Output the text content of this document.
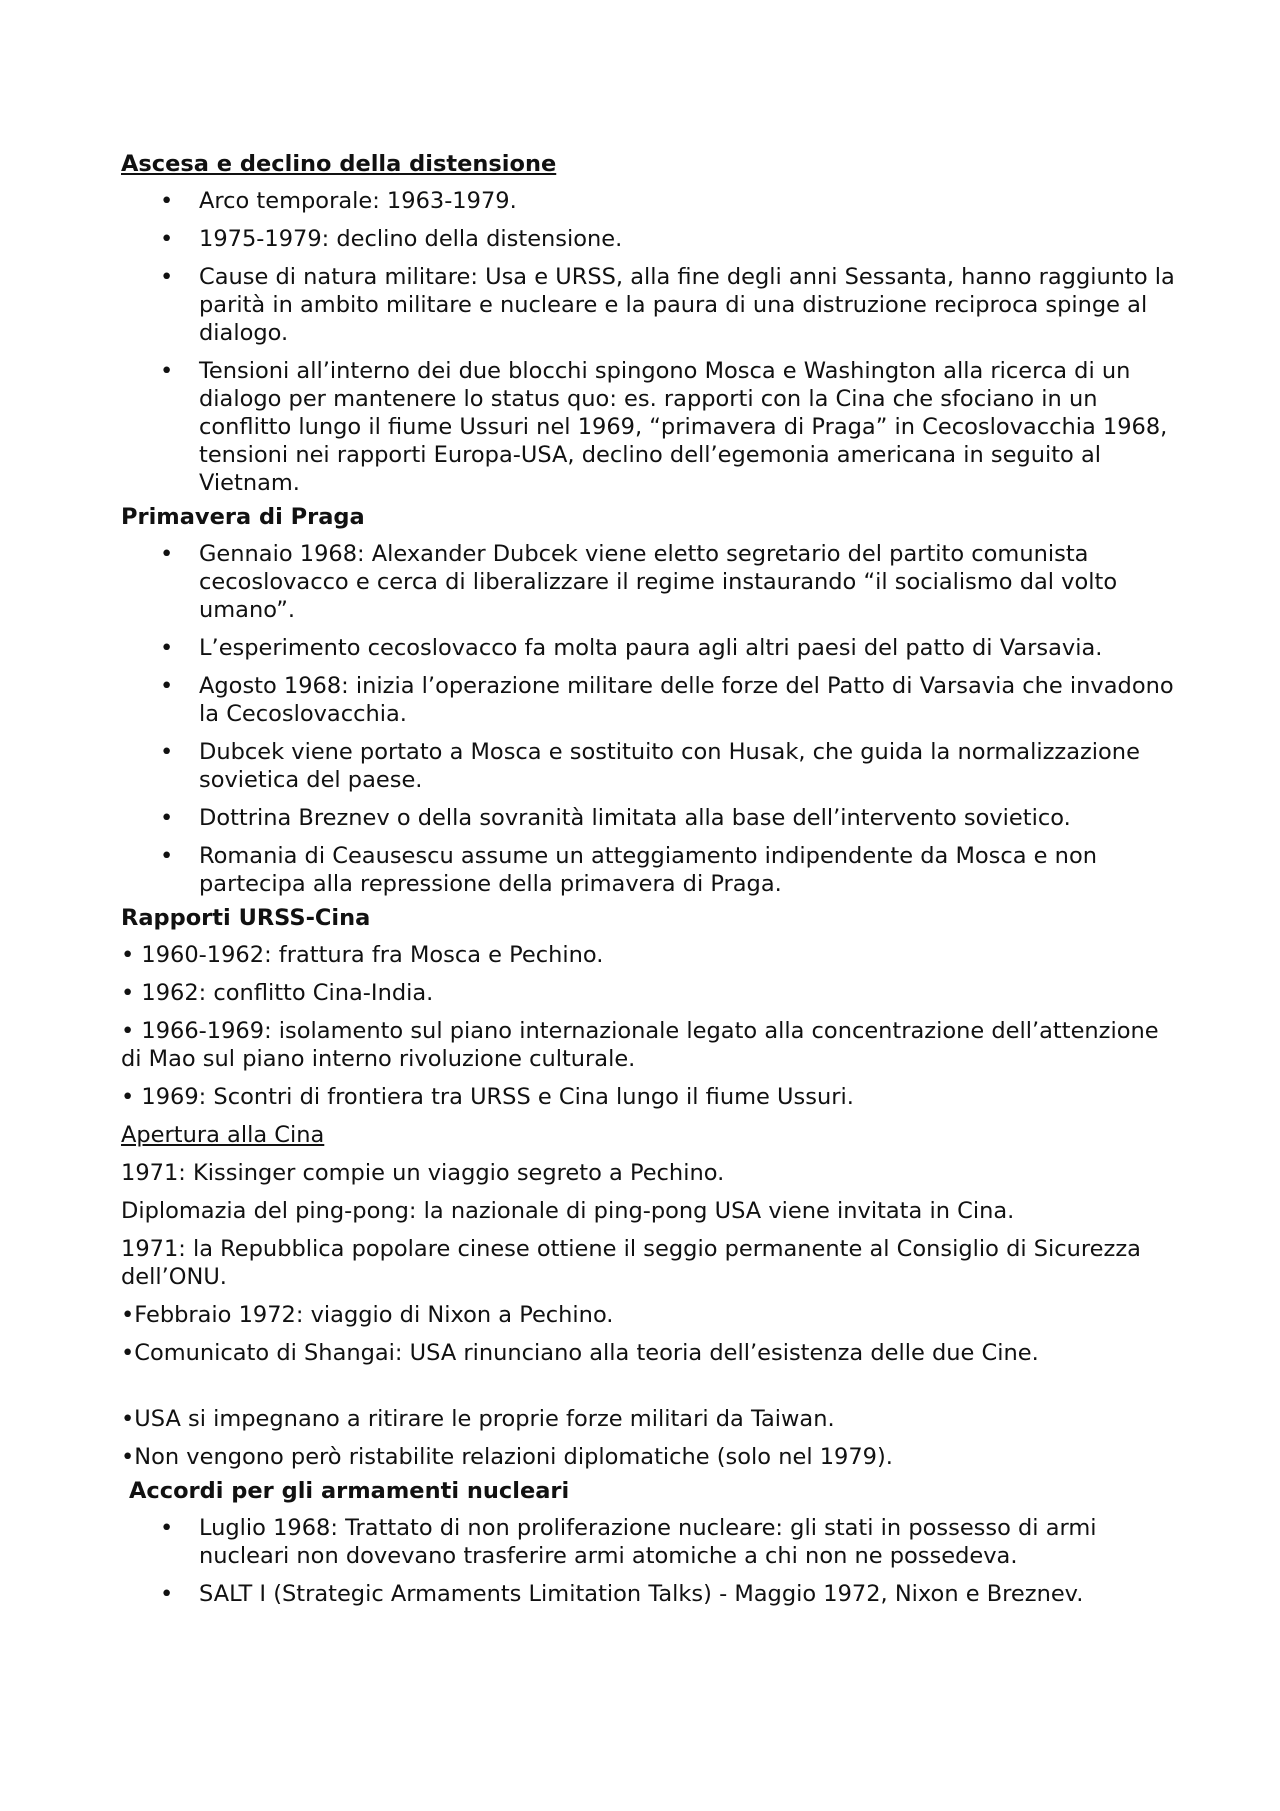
Ascesa e declino della distensione
• Arco temporale: 1963-1979.
• 1975-1979: declino della distensione.
• Cause di natura militare: Usa e URSS, alla fine degli anni Sessanta, hanno raggiunto la parità in ambito militare e nucleare e la paura di una distruzione reciproca spinge al dialogo.
• Tensioni all’interno dei due blocchi spingono Mosca e Washington alla ricerca di un dialogo per mantenere lo status quo: es. rapporti con la Cina che sfociano in un conflitto lungo il fiume Ussuri nel 1969, “primavera di Praga” in Cecoslovacchia 1968, tensioni nei rapporti Europa-USA, declino dell’egemonia americana in seguito al Vietnam.
Primavera di Praga
• Gennaio 1968: Alexander Dubcek viene eletto segretario del partito comunista cecoslovacco e cerca di liberalizzare il regime instaurando “il socialismo dal volto umano”.
• L’esperimento cecoslovacco fa molta paura agli altri paesi del patto di Varsavia.
• Agosto 1968: inizia l’operazione militare delle forze del Patto di Varsavia che invadono la Cecoslovacchia.
• Dubcek viene portato a Mosca e sostituito con Husak, che guida la normalizzazione sovietica del paese.
• Dottrina Breznev o della sovranità limitata alla base dell’intervento sovietico.
• Romania di Ceausescu assume un atteggiamento indipendente da Mosca e non partecipa alla repressione della primavera di Praga.
Rapporti URSS-Cina
• 1960-1962: frattura fra Mosca e Pechino.
• 1962: conflitto Cina-India.
• 1966-1969: isolamento sul piano internazionale legato alla concentrazione dell’attenzione di Mao sul piano interno rivoluzione culturale.
• 1969: Scontri di frontiera tra URSS e Cina lungo il fiume Ussuri.
Apertura alla Cina
1971: Kissinger compie un viaggio segreto a Pechino.
Diplomazia del ping-pong: la nazionale di ping-pong USA viene invitata in Cina.
1971: la Repubblica popolare cinese ottiene il seggio permanente al Consiglio di Sicurezza dell’ONU.
•Febbraio 1972: viaggio di Nixon a Pechino.
•Comunicato di Shangai: USA rinunciano alla teoria dell’esistenza delle due Cine.
•USA si impegnano a ritirare le proprie forze militari da Taiwan.
•Non vengono però ristabilite relazioni diplomatiche (solo nel 1979).
Accordi per gli armamenti nucleari
• Luglio 1968: Trattato di non proliferazione nucleare: gli stati in possesso di armi nucleari non dovevano trasferire armi atomiche a chi non ne possedeva.
• SALT I (Strategic Armaments Limitation Talks) - Maggio 1972, Nixon e Breznev.
